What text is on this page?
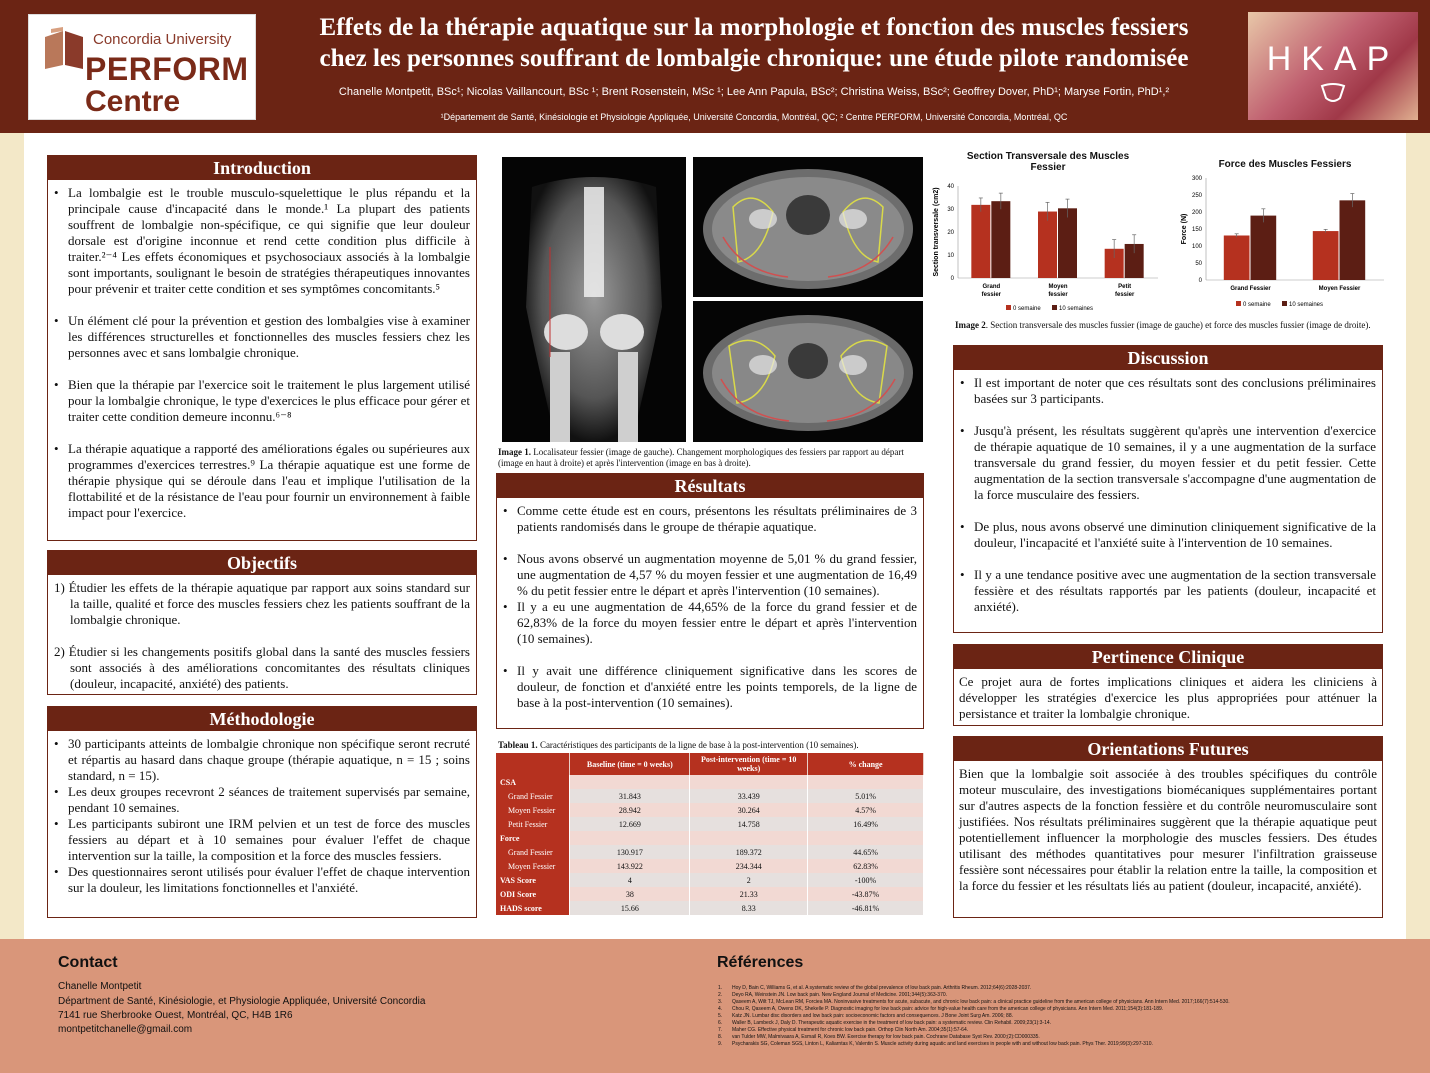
Concordia University
PERFORM
Centre
Effets de la thérapie aquatique sur la morphologie et fonction des muscles fessiers
chez les personnes souffrant de lombalgie chronique: une étude pilote randomisée
Chanelle Montpetit, BSc¹; Nicolas Vaillancourt, BSc ¹; Brent Rosenstein, MSc ¹; Lee Ann Papula, BSc²; Christina Weiss, BSc²; Geoffrey Dover, PhD¹; Maryse Fortin, PhD¹,²
¹Département de Santé, Kinésiologie et Physiologie Appliquée, Université Concordia, Montréal, QC; ² Centre PERFORM, Université Concordia, Montréal, QC
HKAP
Introduction
• La lombalgie est le trouble musculo-squelettique le plus répandu et la principale cause d'incapacité dans le monde.¹ La plupart des patients souffrent de lombalgie non-spécifique, ce qui signifie que leur douleur dorsale est d'origine inconnue et rend cette condition plus difficile à traiter.²⁻⁴ Les effets économiques et psychosociaux associés à la lombalgie sont importants, soulignant le besoin de stratégies thérapeutiques innovantes pour prévenir et traiter cette condition et ses symptômes concomitants.⁵
• Un élément clé pour la prévention et gestion des lombalgies vise à examiner les différences structurelles et fonctionnelles des muscles fessiers chez les personnes avec et sans lombalgie chronique.
• Bien que la thérapie par l'exercice soit le traitement le plus largement utilisé pour la lombalgie chronique, le type d'exercices le plus efficace pour gérer et traiter cette condition demeure inconnu.⁶⁻⁸
• La thérapie aquatique a rapporté des améliorations égales ou supérieures aux programmes d'exercices terrestres.⁹ La thérapie aquatique est une forme de thérapie physique qui se déroule dans l'eau et implique l'utilisation de la flottabilité et de la résistance de l'eau pour fournir un environnement à faible impact pour l'exercice.
Objectifs
1) Étudier les effets de la thérapie aquatique par rapport aux soins standard sur la taille, qualité et force des muscles fessiers chez les patients souffrant de la lombalgie chronique.
2) Étudier si les changements positifs global dans la santé des muscles fessiers sont associés à des améliorations concomitantes des résultats cliniques (douleur, incapacité, anxiété) des patients.
Méthodologie
• 30 participants atteints de lombalgie chronique non spécifique seront recruté et répartis au hasard dans chaque groupe (thérapie aquatique, n = 15 ; soins standard, n = 15).
• Les deux groupes recevront 2 séances de traitement supervisés par semaine, pendant 10 semaines.
• Les participants subiront une IRM pelvien et un test de force des muscles fessiers au départ et à 10 semaines pour évaluer l'effet de chaque intervention sur la taille, la composition et la force des muscles fessiers.
• Des questionnaires seront utilisés pour évaluer l'effet de chaque intervention sur la douleur, les limitations fonctionnelles et l'anxiété.
Image 1. Localisateur fessier (image de gauche). Changement morphologiques des fessiers par rapport au départ (image en haut à droite) et après l'intervention (image en bas à droite).
Résultats
• Comme cette étude est en cours, présentons les résultats préliminaires de 3 patients randomisés dans le groupe de thérapie aquatique.
• Nous avons observé un augmentation moyenne de 5,01 % du grand fessier, une augmentation de 4,57 % du moyen fessier et une augmentation de 16,49 % du petit fessier entre le départ et après l'intervention (10 semaines).
• Il y a eu une augmentation de 44,65% de la force du grand fessier et de 62,83% de la force du moyen fessier entre le départ et après l'intervention (10 semaines).
• Il y avait une différence cliniquement significative dans les scores de douleur, de fonction et d'anxiété entre les points temporels, de la ligne de base à la post-intervention (10 semaines).
Tableau 1. Caractéristiques des participants de la ligne de base à la post-intervention (10 semaines).
	Baseline (time = 0 weeks)	Post-intervention (time = 10 weeks)	% change
CSA			
Grand Fessier	31.843	33.439	5.01%
Moyen Fessier	28.942	30.264	4.57%
Petit Fessier	12.669	14.758	16.49%
Force			
Grand Fessier	130.917	189.372	44.65%
Moyen Fessier	143.922	234.344	62.83%
VAS Score	4	2	-100%
ODI Score	38	21.33	-43.87%
HADS score	15.66	8.33	-46.81%
Section Transversale des Muscles Fessier
0
10
20
30
40
Section transversale (cm2)
Grand fessier
Moyen fessier
Petit fessier
0 semaine	10 semaines
Force des Muscles Fessiers
0
50
100
150
200
250
300
Force (N)
Grand Fessier	Moyen Fessier
0 semaine	10 semaines
Image 2. Section transversale des muscles fussier (image de gauche) et force des muscles fussier (image de droite).
Discussion
• Il est important de noter que ces résultats sont des conclusions préliminaires basées sur 3 participants.
• Jusqu'à présent, les résultats suggèrent qu'après une intervention d'exercice de thérapie aquatique de 10 semaines, il y a une augmentation de la surface transversale du grand fessier, du moyen fessier et du petit fessier. Cette augmentation de la section transversale s'accompagne d'une augmentation de la force musculaire des fessiers.
• De plus, nous avons observé une diminution cliniquement significative de la douleur, l'incapacité et l'anxiété suite à l'intervention de 10 semaines.
• Il y a une tendance positive avec une augmentation de la section transversale fessière et des résultats rapportés par les patients (douleur, incapacité et anxiété).
Pertinence Clinique
Ce projet aura de fortes implications cliniques et aidera les cliniciens à développer les stratégies d'exercice les plus appropriées pour atténuer la persistance et traiter la lombalgie chronique.
Orientations Futures
Bien que la lombalgie soit associée à des troubles spécifiques du contrôle moteur musculaire, des investigations biomécaniques supplémentaires portant sur d'autres aspects de la fonction fessière et du contrôle neuromusculaire sont justifiées. Nos résultats préliminaires suggèrent que la thérapie aquatique peut potentiellement influencer la morphologie des muscles fessiers. Des études utilisant des méthodes quantitatives pour mesurer l'infiltration graisseuse fessière sont nécessaires pour établir la relation entre la taille, la composition et la force du fessier et les résultats liés au patient (douleur, incapacité, anxiété).
Contact
Chanelle Montpetit
Départment de Santé, Kinésiologie, et Physiologie Appliquée, Université Concordia
7141 rue Sherbrooke Ouest, Montréal, QC, H4B 1R6
montpetitchanelle@gmail.com
Références
1. Hoy D, Bain C, Williams G, et al. A systematic review of the global prevalence of low back pain. Arthritis Rheum. 2012;64(6):2028-2037.
2. Deyo RA, Weinstein JN. Low back pain. New England Journal of Medicine. 2001;344(5):363-370.
3. Qaseem A, Wilt TJ, McLean RM, Forciea MA. Noninvasive treatments for acute, subacute, and chronic low back pain: a clinical practice guideline from the american college of physicians. Ann Intern Med. 2017;166(7):514-530.
4. Chou R, Qaseem A, Owens DK, Shekelle P. Diagnostic imaging for low back pain: advice for high-value health care from the american college of physicians. Ann Intern Med. 2011;154(3):181-189.
5. Katz JN. Lumbar disc disorders and low back pain: socioeconomic factors and consequences. J Bone Joint Surg Am. 2006; 88.
6. Waller B, Lambeck J, Daly D. Therapeutic aquatic exercise in the treatment of low back pain: a systematic review. Clin Rehabil. 2009;23(1):3-14.
7. Maher CG. Effective physical treatment for chronic low back pain. Orthop Clin North Am. 2004;35(1):57-64.
8. van Tulder MW, Malmivaara A, Esmail R, Koes BW. Exercise therapy for low back pain. Cochrane Database Syst Rev. 2000;(2):CD000335.
9. Psycharakis SG, Coleman SGS, Linton L, Kaliarntas K, Valentin S. Muscle activity during aquatic and land exercises in people with and without low back pain. Phys Ther. 2019;99(3):297-310.
